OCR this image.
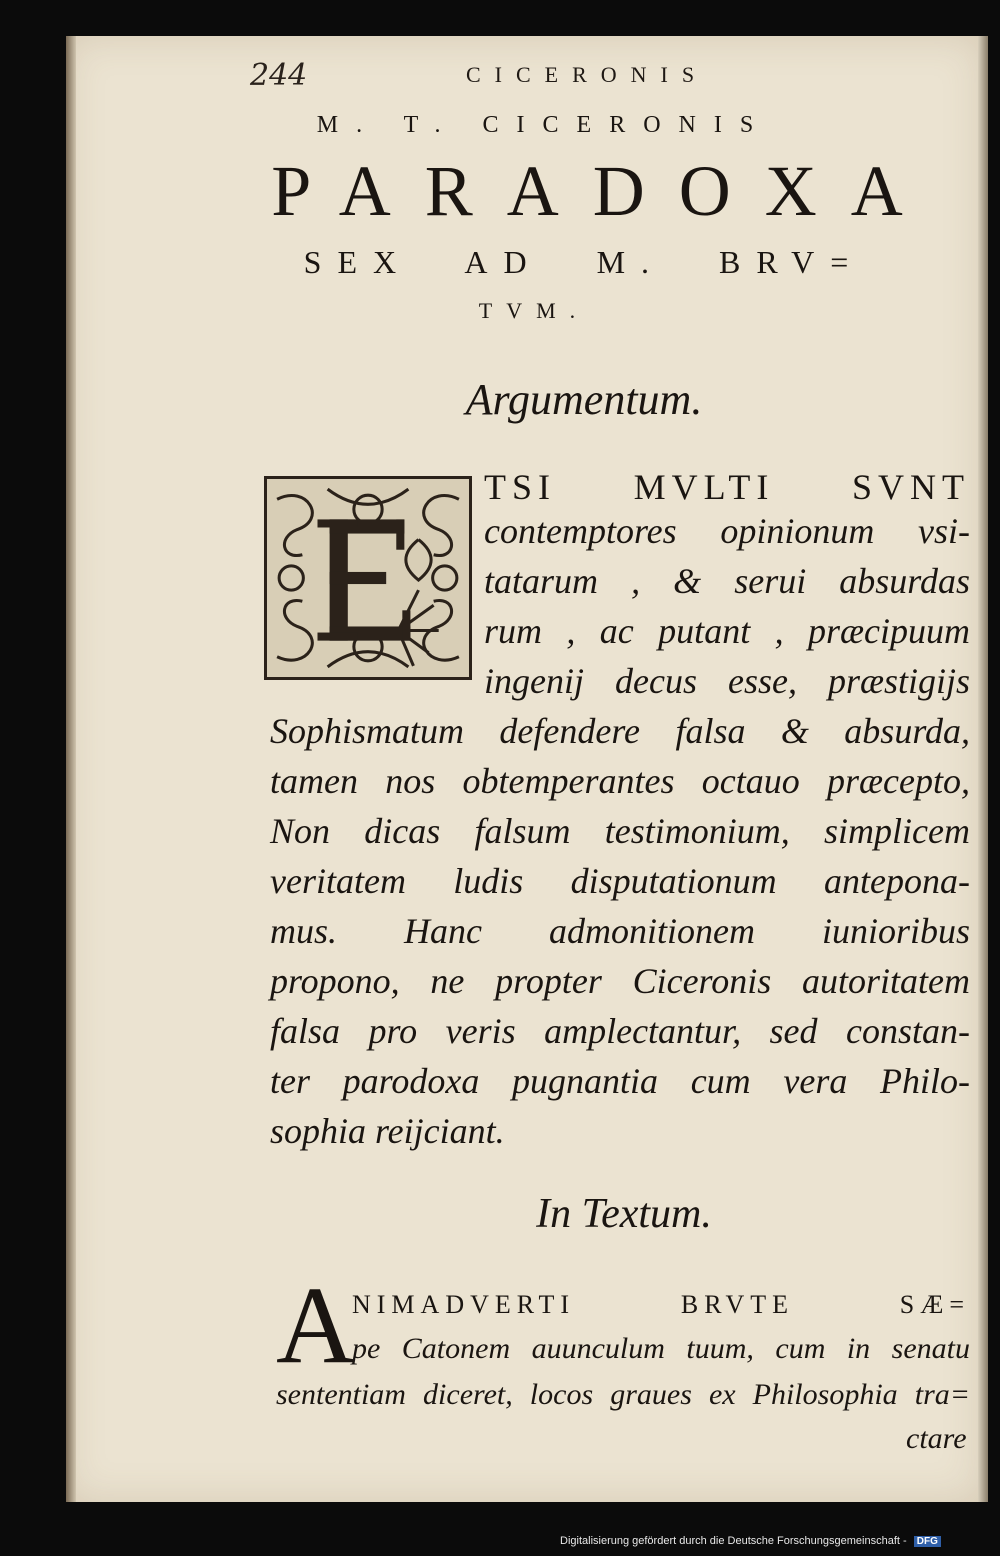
244	CICERONIS
M. T. CICERONIS
PARADOXA
SEX AD M. BRV=
TVM.
Argumentum.
TSI MVLTI SVNT
contemptores opinionum vsi-
tatarum , & serui absurdas
rum , ac putant , præcipuum
ingenij decus esse, præstigijs
Sophismatum defendere falsa & absurda,
tamen nos obtemperantes octauo præcepto,
Non dicas falsum testimonium, simplicem
veritatem ludis disputationum antepona-
mus. Hanc admonitionem iunioribus
propono, ne propter Ciceronis autoritatem
falsa pro veris amplectantur, sed constan-
ter parodoxa pugnantia cum vera Philo-
sophia reijciant.
In Textum.
A
NIMADVERTI BRVTE SÆ=
pe Catonem auunculum tuum, cum in senatu
sententiam diceret, locos graues ex Philosophia tra=
ctare
Digitalisierung gefördert durch die Deutsche Forschungsgemeinschaft - DFG
